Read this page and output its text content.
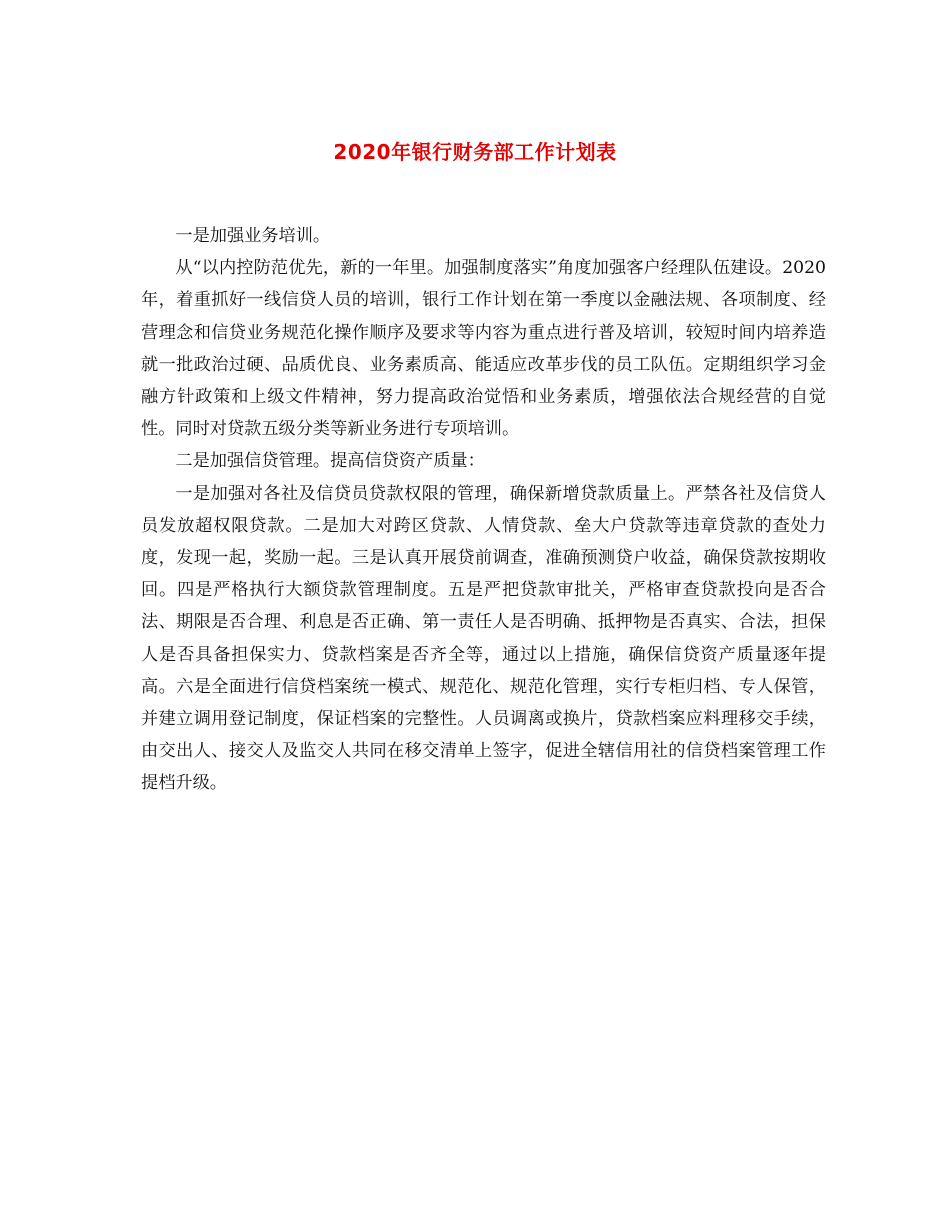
2020年银行财务部工作计划表

一是加强业务培训。

从“以内控防范优先，新的一年里。加强制度落实”角度加强客户经理队伍建设。2020年，着重抓好一线信贷人员的培训，银行工作计划在第一季度以金融法规、各项制度、经营理念和信贷业务规范化操作顺序及要求等内容为重点进行普及培训，较短时间内培养造就一批政治过硬、品质优良、业务素质高、能适应改革步伐的员工队伍。定期组织学习金融方针政策和上级文件精神，努力提高政治觉悟和业务素质，增强依法合规经营的自觉性。同时对贷款五级分类等新业务进行专项培训。

二是加强信贷管理。提高信贷资产质量：

一是加强对各社及信贷员贷款权限的管理，确保新增贷款质量上。严禁各社及信贷人员发放超权限贷款。二是加大对跨区贷款、人情贷款、垒大户贷款等违章贷款的查处力度，发现一起，奖励一起。三是认真开展贷前调查，准确预测贷户收益，确保贷款按期收回。四是严格执行大额贷款管理制度。五是严把贷款审批关，严格审查贷款投向是否合法、期限是否合理、利息是否正确、第一责任人是否明确、抵押物是否真实、合法，担保人是否具备担保实力、贷款档案是否齐全等，通过以上措施，确保信贷资产质量逐年提高。六是全面进行信贷档案统一模式、规范化、规范化管理，实行专柜归档、专人保管，并建立调用登记制度，保证档案的完整性。人员调离或换片，贷款档案应料理移交手续，由交出人、接交人及监交人共同在移交清单上签字，促进全辖信用社的信贷档案管理工作提档升级。
